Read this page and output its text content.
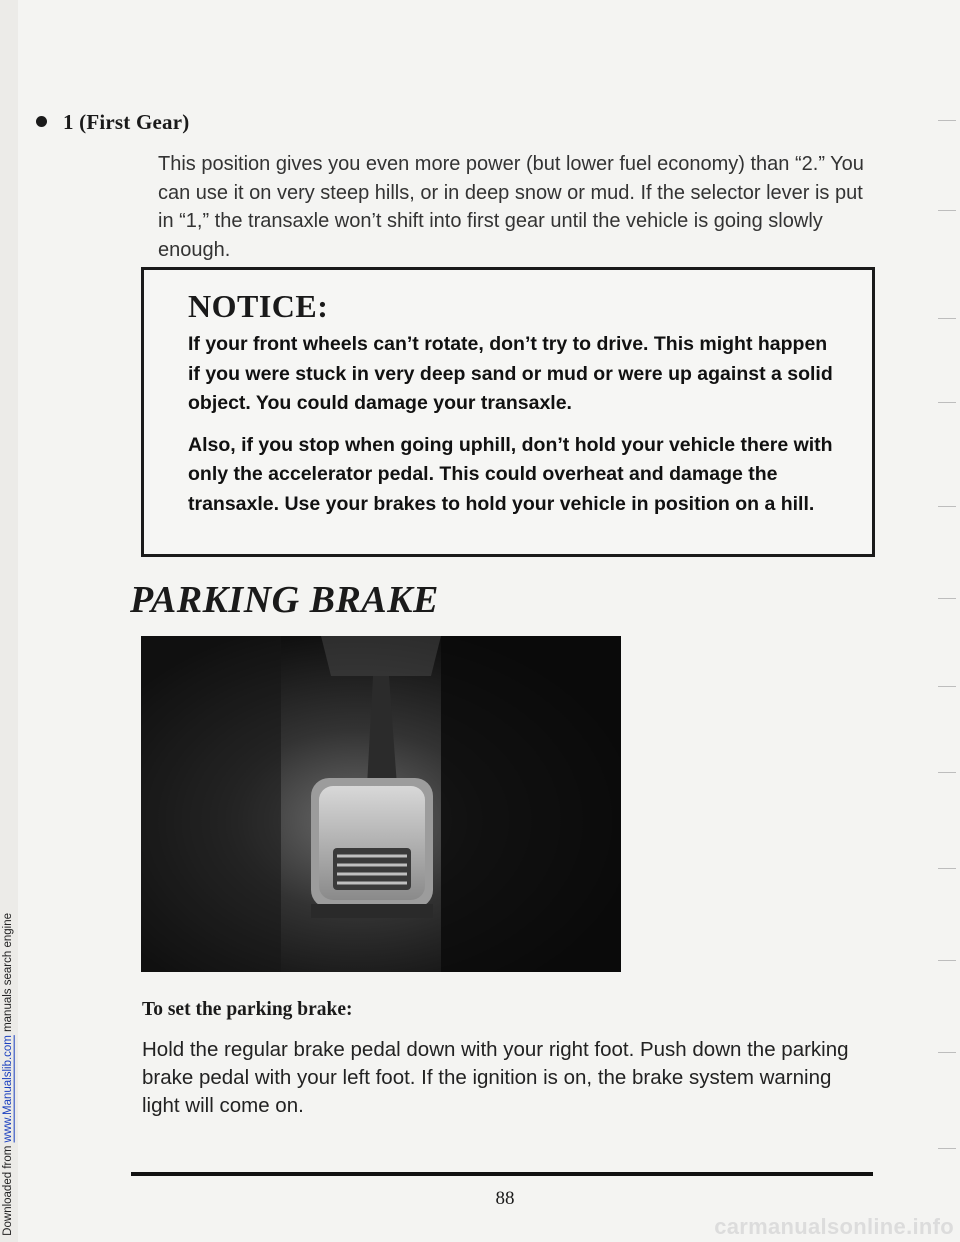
Downloaded from www.Manualslib.com manuals search engine
1 (First Gear)
This position gives you even more power (but lower fuel economy) than “2.” You can use it on very steep hills, or in deep snow or mud. If the selector lever is put in “1,” the transaxle won’t shift into first gear until the vehicle is going slowly enough.
NOTICE:

If your front wheels can’t rotate, don’t try to drive. This might happen if you were stuck in very deep sand or mud or were up against a solid object. You could damage your transaxle.

Also, if you stop when going uphill, don’t hold your vehicle there with only the accelerator pedal. This could overheat and damage the transaxle. Use your brakes to hold your vehicle in position on a hill.

PARKING BRAKE
To set the parking brake:
Hold the regular brake pedal down with your right foot. Push down the parking brake pedal with your left foot. If the ignition is on, the brake system warning light will come on.
88
carmanualsonline.info
